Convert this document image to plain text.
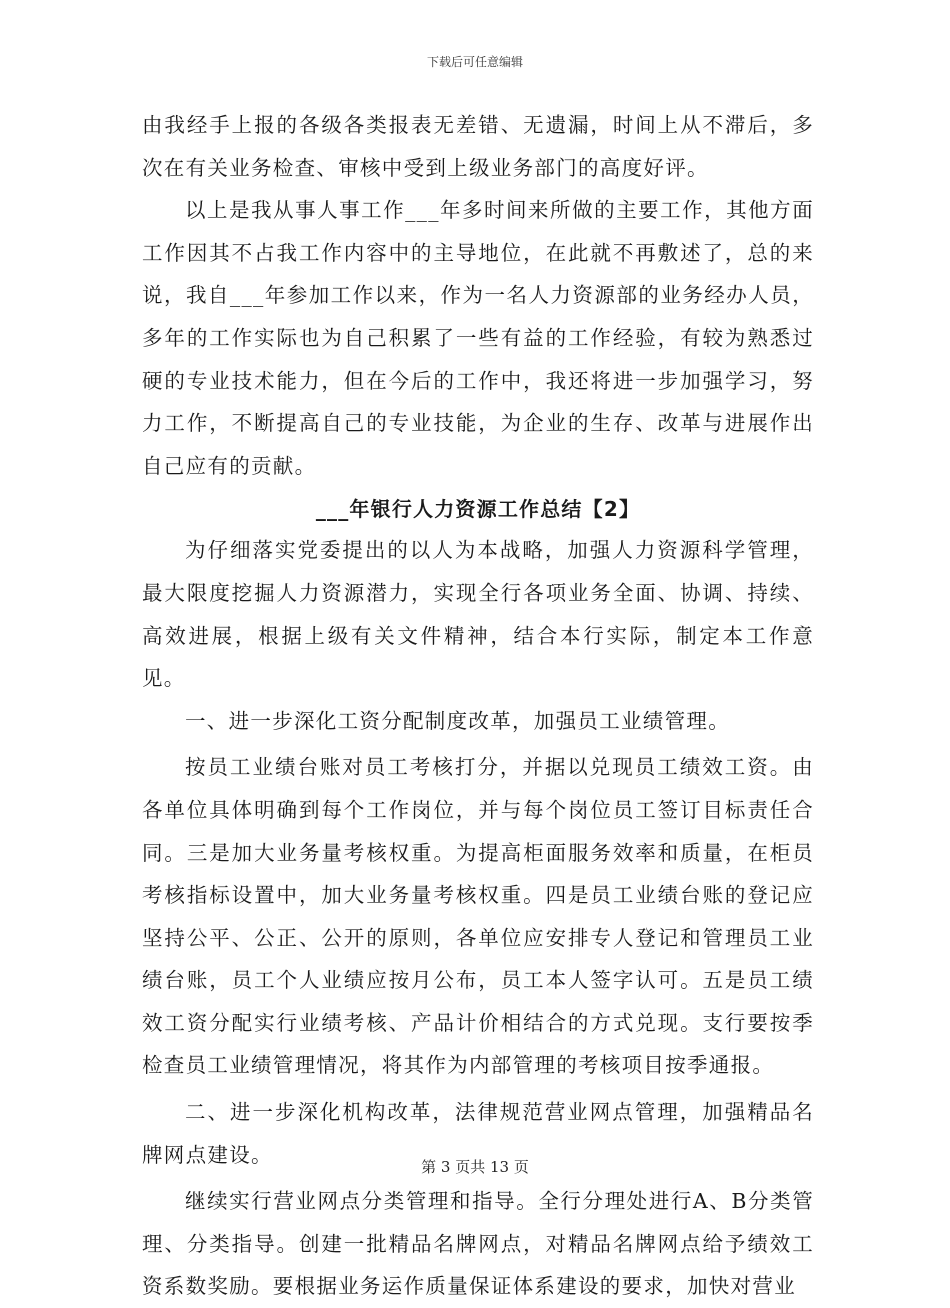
下载后可任意编辑

由我经手上报的各级各类报表无差错、无遗漏，时间上从不滞后，多次在有关业务检查、审核中受到上级业务部门的高度好评。

以上是我从事人事工作___年多时间来所做的主要工作，其他方面工作因其不占我工作内容中的主导地位，在此就不再敷述了，总的来说，我自___年参加工作以来，作为一名人力资源部的业务经办人员，多年的工作实际也为自己积累了一些有益的工作经验，有较为熟悉过硬的专业技术能力，但在今后的工作中，我还将进一步加强学习，努力工作，不断提高自己的专业技能，为企业的生存、改革与进展作出自己应有的贡献。

___年银行人力资源工作总结【2】

为仔细落实党委提出的以人为本战略，加强人力资源科学管理，最大限度挖掘人力资源潜力，实现全行各项业务全面、协调、持续、高效进展，根据上级有关文件精神，结合本行实际，制定本工作意见。

一、进一步深化工资分配制度改革，加强员工业绩管理。

按员工业绩台账对员工考核打分，并据以兑现员工绩效工资。由各单位具体明确到每个工作岗位，并与每个岗位员工签订目标责任合同。三是加大业务量考核权重。为提高柜面服务效率和质量，在柜员考核指标设置中，加大业务量考核权重。四是员工业绩台账的登记应坚持公平、公正、公开的原则，各单位应安排专人登记和管理员工业绩台账，员工个人业绩应按月公布，员工本人签字认可。五是员工绩效工资分配实行业绩考核、产品计价相结合的方式兑现。支行要按季检查员工业绩管理情况，将其作为内部管理的考核项目按季通报。

二、进一步深化机构改革，法律规范营业网点管理，加强精品名牌网点建设。

继续实行营业网点分类管理和指导。全行分理处进行A、B分类管理、分类指导。创建一批精品名牌网点，对精品名牌网点给予绩效工资系数奖励。要根据业务运作质量保证体系建设的要求，加快对营业

第 3 页共 13 页
